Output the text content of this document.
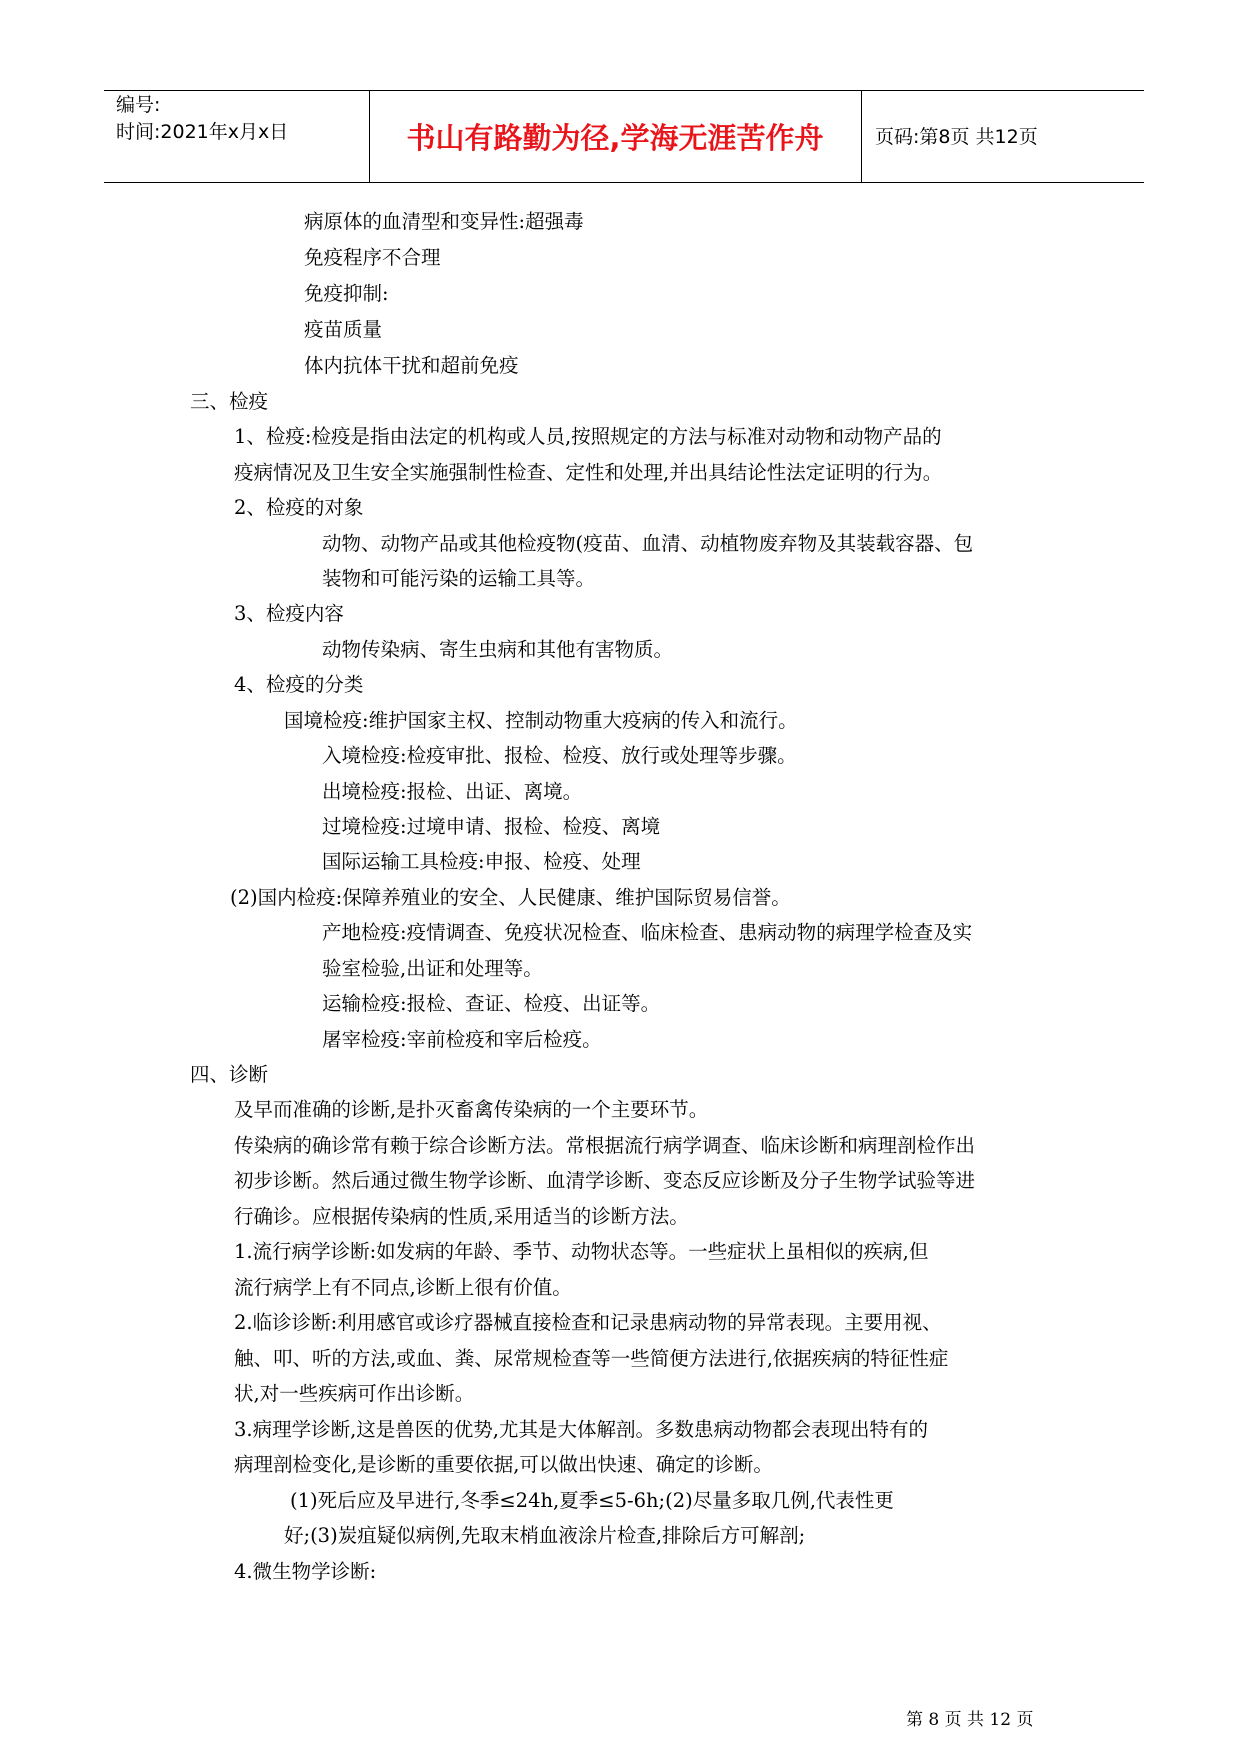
编号:
时间:2021年x月x日	书山有路勤为径,学海无涯苦作舟	页码:第8页 共12页
病原体的血清型和变异性:超强毒
免疫程序不合理
免疫抑制:
疫苗质量
体内抗体干扰和超前免疫
三、检疫
1、检疫:检疫是指由法定的机构或人员,按照规定的方法与标准对动物和动物产品的
疫病情况及卫生安全实施强制性检查、定性和处理,并出具结论性法定证明的行为。
2、检疫的对象
动物、动物产品或其他检疫物(疫苗、血清、动植物废弃物及其装载容器、包
装物和可能污染的运输工具等。
3、检疫内容
动物传染病、寄生虫病和其他有害物质。
4、检疫的分类
国境检疫:维护国家主权、控制动物重大疫病的传入和流行。
入境检疫:检疫审批、报检、检疫、放行或处理等步骤。
出境检疫:报检、出证、离境。
过境检疫:过境申请、报检、检疫、离境
国际运输工具检疫:申报、检疫、处理
(2)国内检疫:保障养殖业的安全、人民健康、维护国际贸易信誉。
产地检疫:疫情调查、免疫状况检查、临床检查、患病动物的病理学检查及实
验室检验,出证和处理等。
运输检疫:报检、查证、检疫、出证等。
屠宰检疫:宰前检疫和宰后检疫。
四、诊断
及早而准确的诊断,是扑灭畜禽传染病的一个主要环节。
传染病的确诊常有赖于综合诊断方法。常根据流行病学调查、临床诊断和病理剖检作出
初步诊断。然后通过微生物学诊断、血清学诊断、变态反应诊断及分子生物学试验等进
行确诊。应根据传染病的性质,采用适当的诊断方法。
1.流行病学诊断:如发病的年龄、季节、动物状态等。一些症状上虽相似的疾病,但
流行病学上有不同点,诊断上很有价值。
2.临诊诊断:利用感官或诊疗器械直接检查和记录患病动物的异常表现。主要用视、
触、叩、听的方法,或血、粪、尿常规检查等一些简便方法进行,依据疾病的特征性症
状,对一些疾病可作出诊断。
3.病理学诊断,这是兽医的优势,尤其是大体解剖。多数患病动物都会表现出特有的
病理剖检变化,是诊断的重要依据,可以做出快速、确定的诊断。
(1)死后应及早进行,冬季≤24h,夏季≤5-6h;(2)尽量多取几例,代表性更
好;(3)炭疽疑似病例,先取末梢血液涂片检查,排除后方可解剖;
4.微生物学诊断:
第 8 页 共 12 页
